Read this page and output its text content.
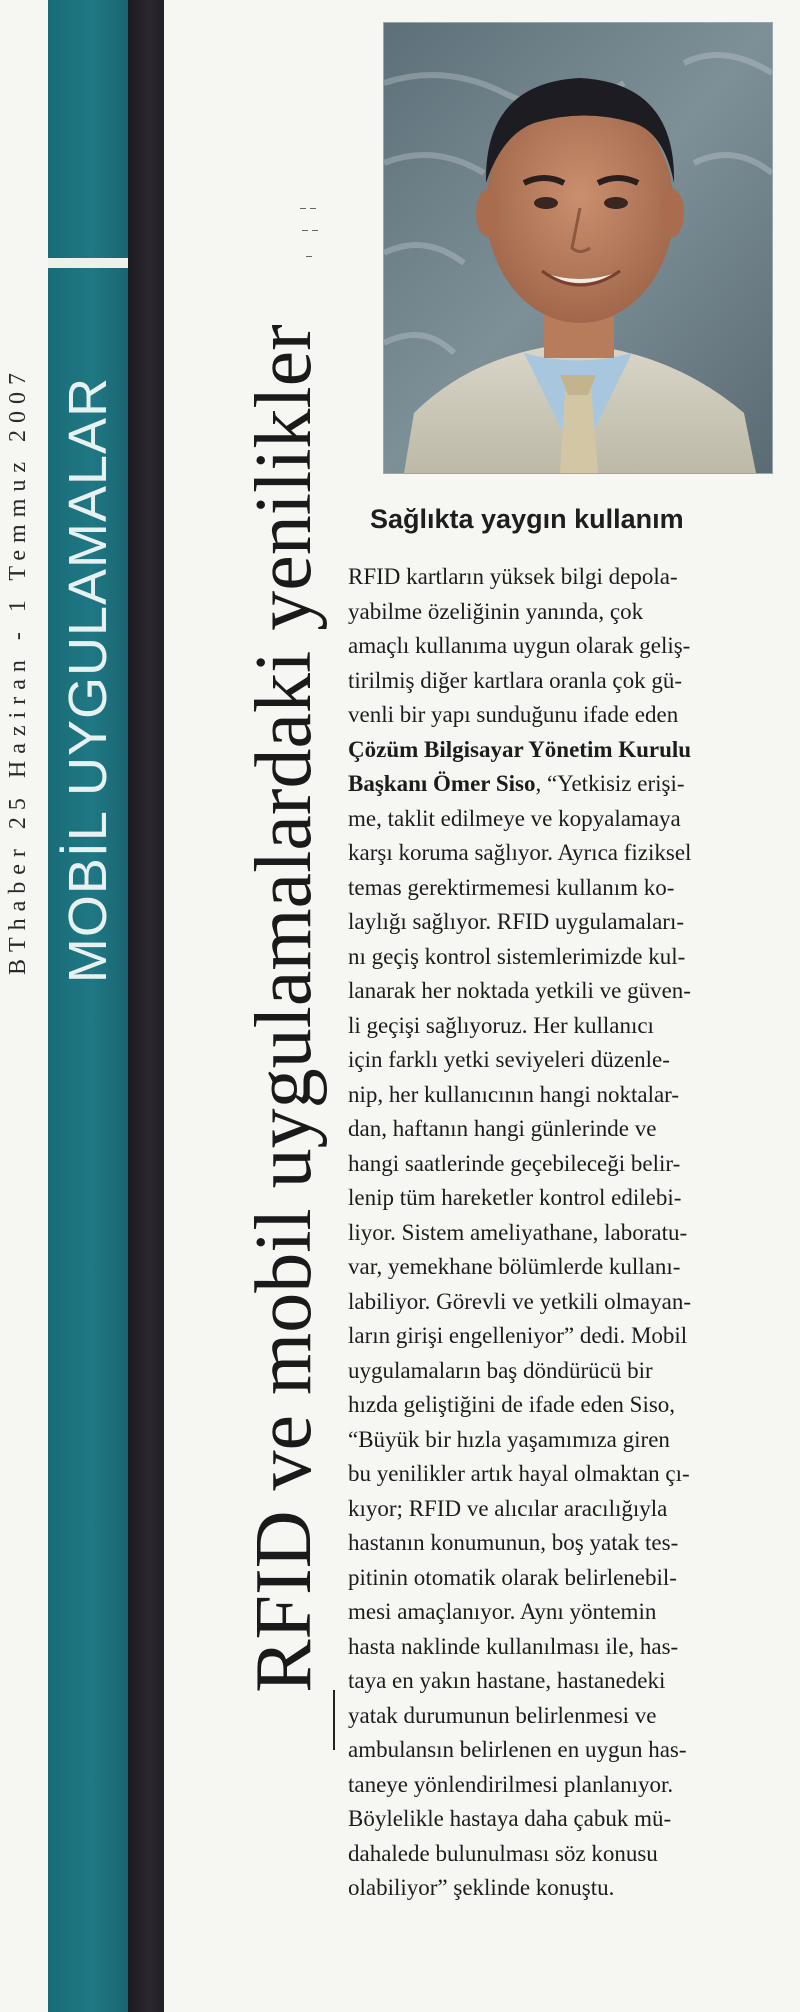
BThaber 25 Haziran - 1 Temmuz 2007 MOBİL UYGULAMALAR RFID ve mobil uygulamalardaki yenilikler Sağlıkta yaygın kullanım
RFID kartların yüksek bilgi depola-
yabilme özeliğinin yanında, çok
amaçlı kullanıma uygun olarak geliş-
tirilmiş diğer kartlara oranla çok gü-
venli bir yapı sunduğunu ifade eden
Çözüm Bilgisayar Yönetim Kurulu
Başkanı Ömer Siso, “Yetkisiz erişi-
me, taklit edilmeye ve kopyalamaya
karşı koruma sağlıyor. Ayrıca fiziksel
temas gerektirmemesi kullanım ko-
laylığı sağlıyor. RFID uygulamaları-
nı geçiş kontrol sistemlerimizde kul-
lanarak her noktada yetkili ve güven-
li geçişi sağlıyoruz. Her kullanıcı
için farklı yetki seviyeleri düzenle-
nip, her kullanıcının hangi noktalar-
dan, haftanın hangi günlerinde ve
hangi saatlerinde geçebileceği belir-
lenip tüm hareketler kontrol edilebi-
liyor. Sistem ameliyathane, laboratu-
var, yemekhane bölümlerde kullanı-
labiliyor. Görevli ve yetkili olmayan-
ların girişi engelleniyor” dedi. Mobil
uygulamaların baş döndürücü bir
hızda geliştiğini de ifade eden Siso,
“Büyük bir hızla yaşamımıza giren
bu yenilikler artık hayal olmaktan çı-
kıyor; RFID ve alıcılar aracılığıyla
hastanın konumunun, boş yatak tes-
pitinin otomatik olarak belirlenebil-
mesi amaçlanıyor. Aynı yöntemin
hasta naklinde kullanılması ile, has-
taya en yakın hastane, hastanedeki
yatak durumunun belirlenmesi ve
ambulansın belirlenen en uygun has-
taneye yönlendirilmesi planlanıyor.
Böylelikle hastaya daha çabuk mü-
dahalede bulunulması söz konusu
olabiliyor” şeklinde konuştu.
